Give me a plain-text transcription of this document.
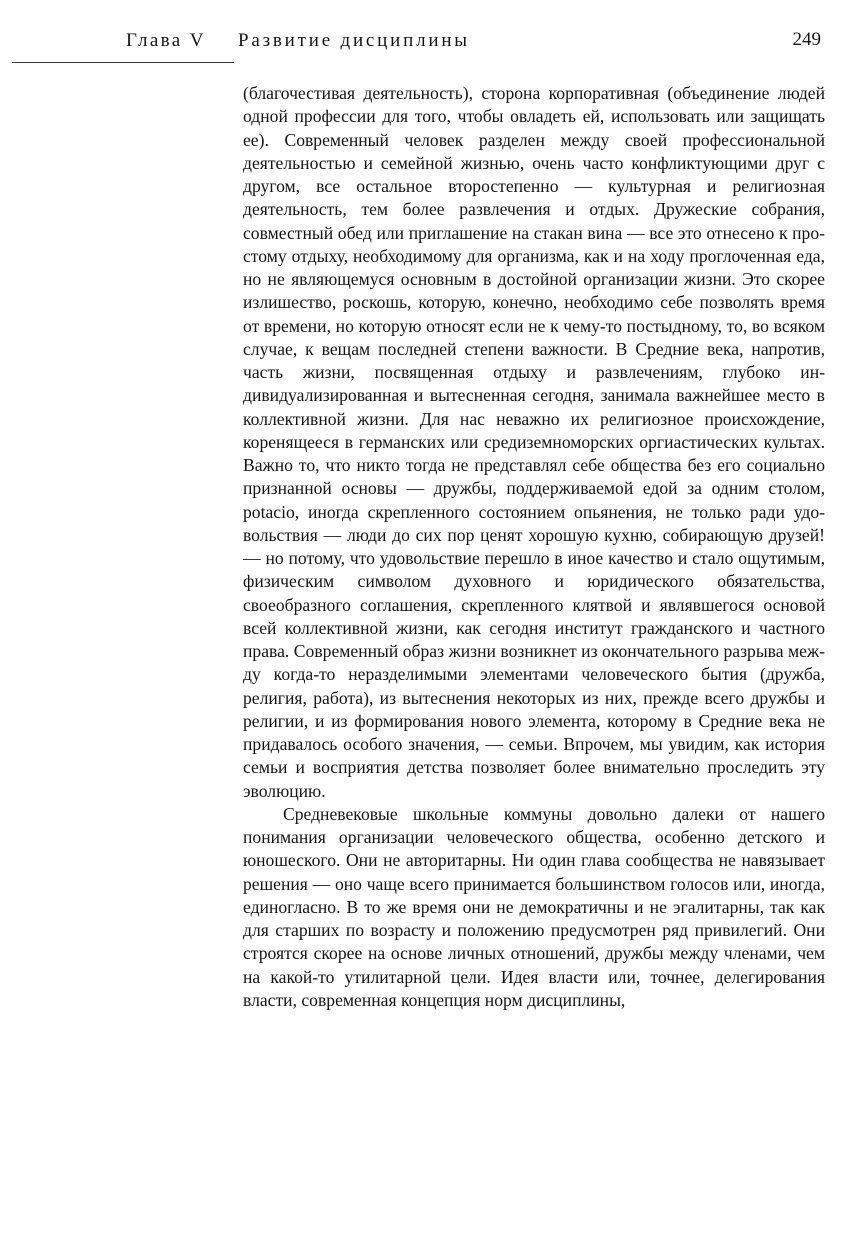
Глава V Развитие дисциплины	249

(благочестивая деятельность), сторона корпоративная (объединение людей одной профессии для того, чтобы овладеть ей, использовать или защищать ее). Современный человек разделен между своей профессиональной деятельностью и семейной жизнью, очень часто конфликтующими друг с другом, все остальное второстепенно — культурная и религиозная деятельность, тем более развлечения и отдых. Дружеские собрания, совместный обед или приглашение на стакан вина — все это отнесено к простому отдыху, необходимому для организма, как и на ходу проглоченная еда, но не являющемуся основным в достойной организации жизни. Это скорее излишество, роскошь, которую, конечно, необходимо себе позволять время от времени, но которую относят если не к чему-то постыдному, то, во всяком случае, к вещам последней степени важности. В Средние века, напротив, часть жизни, посвященная отдыху и развлечениям, глубоко индивидуализированная и вытесненная сегодня, занимала важнейшее место в коллективной жизни. Для нас неважно их религиозное происхождение, коренящееся в германских или средиземноморских оргиастических культах. Важно то, что никто тогда не представлял себе общества без его социально признанной основы — дружбы, поддерживаемой едой за одним столом, potacio, иногда скрепленного состоянием опьянения, не только ради удовольствия — люди до сих пор ценят хорошую кухню, собирающую друзей! — но потому, что удовольствие перешло в иное качество и стало ощутимым, физическим символом духовного и юридического обязательства, своеобразного соглашения, скрепленного клятвой и являвшегося основой всей коллективной жизни, как сегодня институт гражданского и частного права. Современный образ жизни возникнет из окончательного разрыва между когда-то неразделимыми элементами человеческого бытия (дружба, религия, работа), из вытеснения некоторых из них, прежде всего дружбы и религии, и из формирования нового элемента, которому в Средние века не придавалось особого значения, — семьи. Впрочем, мы увидим, как история семьи и восприятия детства позволяет более внимательно проследить эту эволюцию.

Средневековые школьные коммуны довольно далеки от нашего понимания организации человеческого общества, особенно детского и юношеского. Они не авторитарны. Ни один глава сообщества не навязывает решения — оно чаще всего принимается большинством голосов или, иногда, единогласно. В то же время они не демократичны и не эгалитарны, так как для старших по возрасту и положению предусмотрен ряд привилегий. Они строятся скорее на основе личных отношений, дружбы между членами, чем на какой-то утилитарной цели. Идея власти или, точнее, делегирования власти, современная концепция норм дисциплины,
